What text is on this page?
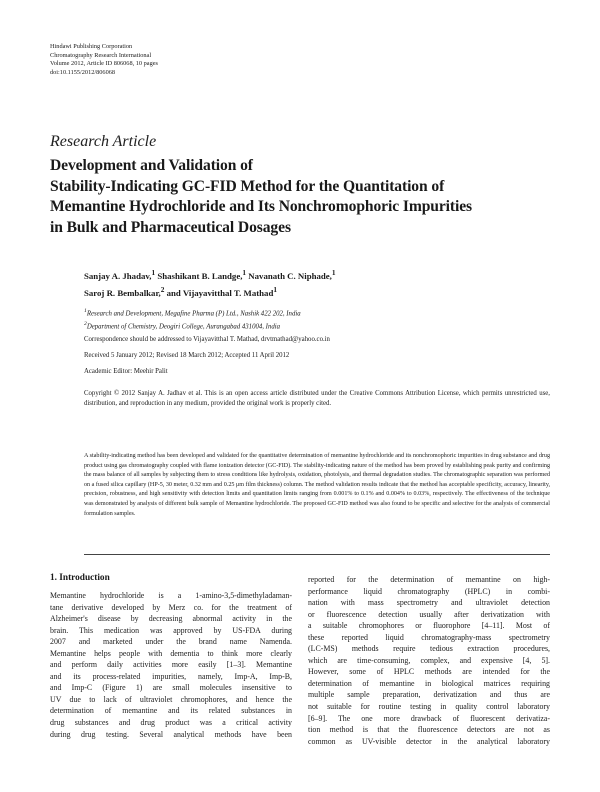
Hindawi Publishing Corporation
Chromatography Research International
Volume 2012, Article ID 806068, 10 pages
doi:10.1155/2012/806068
Research Article
Development and Validation of
Stability-Indicating GC-FID Method for the Quantitation of
Memantine Hydrochloride and Its Nonchromophoric Impurities
in Bulk and Pharmaceutical Dosages
Sanjay A. Jhadav,$^1$ Shashikant B. Landge,$^1$ Navanath C. Niphade,$^1$
Saroj R. Bembalkar,$^2$ and Vijayavitthal T. Mathad$^1$
$^1$Research and Development, Megafine Pharma (P) Ltd., Nashik 422 202, India
$^2$Department of Chemistry, Deogiri College, Aurangabad 431004, India
Correspondence should be addressed to Vijayavitthal T. Mathad, drvtmathad@yahoo.co.in
Received 5 January 2012; Revised 18 March 2012; Accepted 11 April 2012
Academic Editor: Meehir Palit
Copyright © 2012 Sanjay A. Jadhav et al. This is an open access article distributed under the Creative Commons Attribution License, which permits unrestricted use, distribution, and reproduction in any medium, provided the original work is properly cited.
A stability-indicating method has been developed and validated for the quantitative determination of memantine hydrochloride and its nonchromophoric impurities in drug substance and drug product using gas chromatography coupled with flame ionization detector (GC-FID). The stability-indicating nature of the method has been proved by establishing peak purity and confirming the mass balance of all samples by subjecting them to stress conditions like hydrolysis, oxidation, photolysis, and thermal degradation studies. The chromatographic separation was performed on a fused silica capillary (HP-5, 30 meter, 0.32 mm and 0.25 μm film thickness) column. The method validation results indicate that the method has acceptable specificity, accuracy, linearity, precision, robustness, and high sensitivity with detection limits and quantitation limits ranging from 0.001% to 0.1% and 0.004% to 0.03%, respectively. The effectiveness of the technique was demonstrated by analysis of different bulk sample of Memantine hydrochloride. The proposed GC-FID method was also found to be specific and selective for the analysis of commercial formulation samples.
1. Introduction
Memantine hydrochloride is a 1-amino-3,5-dimethyladaman-
tane derivative developed by Merz co. for the treatment of
Alzheimer's disease by decreasing abnormal activity in the
brain. This medication was approved by US-FDA during
2007 and marketed under the brand name Namenda.
Memantine helps people with dementia to think more clearly
and perform daily activities more easily [1–3]. Memantine
and its process-related impurities, namely, Imp-A, Imp-B,
and Imp-C (Figure 1) are small molecules insensitive to
UV due to lack of ultraviolet chromophores, and hence the
determination of memantine and its related substances in
drug substances and drug product was a critical activity
during drug testing. Several analytical methods have been
reported for the determination of memantine on high-
performance liquid chromatography (HPLC) in combi-
nation with mass spectrometry and ultraviolet detection
or fluorescence detection usually after derivatization with
a suitable chromophores or fluorophore [4–11]. Most of
these reported liquid chromatography-mass spectrometry
(LC-MS) methods require tedious extraction procedures,
which are time-consuming, complex, and expensive [4, 5].
However, some of HPLC methods are intended for the
determination of memantine in biological matrices requiring
multiple sample preparation, derivatization and thus are
not suitable for routine testing in quality control laboratory
[6–9]. The one more drawback of fluorescent derivatiza-
tion method is that the fluorescence detectors are not as
common as UV-visible detector in the analytical laboratory
